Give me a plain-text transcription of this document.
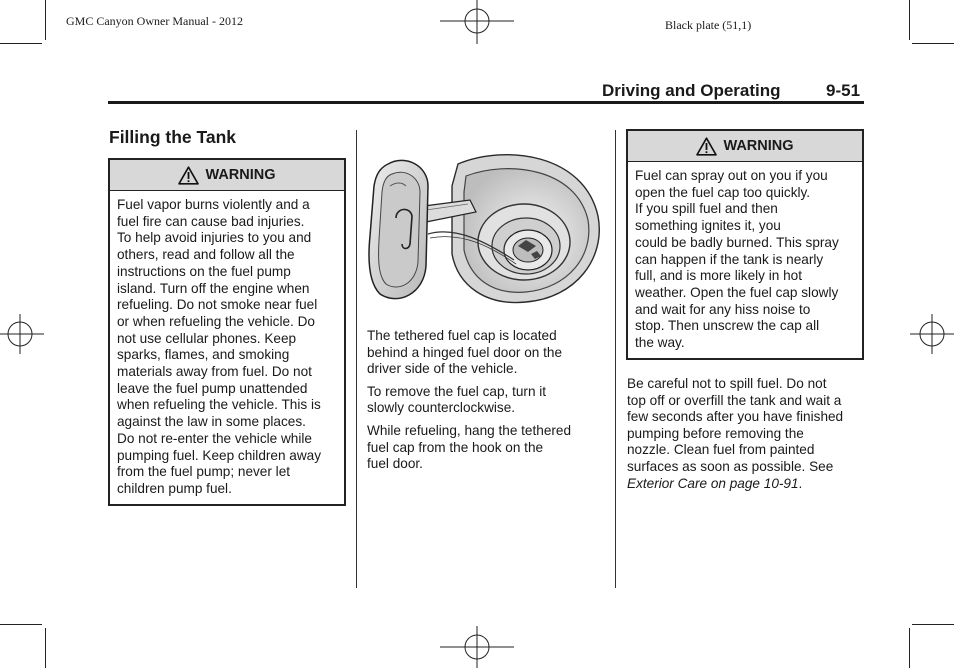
GMC Canyon Owner Manual - 2012	Black plate (51,1)
Driving and Operating	9-51
Filling the Tank
WARNING
Fuel vapor burns violently and a
fuel fire can cause bad injuries.
To help avoid injuries to you and
others, read and follow all the
instructions on the fuel pump
island. Turn off the engine when
refueling. Do not smoke near fuel
or when refueling the vehicle. Do
not use cellular phones. Keep
sparks, flames, and smoking
materials away from fuel. Do not
leave the fuel pump unattended
when refueling the vehicle. This is
against the law in some places.
Do not re-enter the vehicle while
pumping fuel. Keep children away
from the fuel pump; never let
children pump fuel.
The tethered fuel cap is located
behind a hinged fuel door on the
driver side of the vehicle.
To remove the fuel cap, turn it
slowly counterclockwise.
While refueling, hang the tethered
fuel cap from the hook on the
fuel door.
WARNING
Fuel can spray out on you if you
open the fuel cap too quickly.
If you spill fuel and then
something ignites it, you
could be badly burned. This spray
can happen if the tank is nearly
full, and is more likely in hot
weather. Open the fuel cap slowly
and wait for any hiss noise to
stop. Then unscrew the cap all
the way.
Be careful not to spill fuel. Do not
top off or overfill the tank and wait a
few seconds after you have finished
pumping before removing the
nozzle. Clean fuel from painted
surfaces as soon as possible. See
Exterior Care on page 10-91.
